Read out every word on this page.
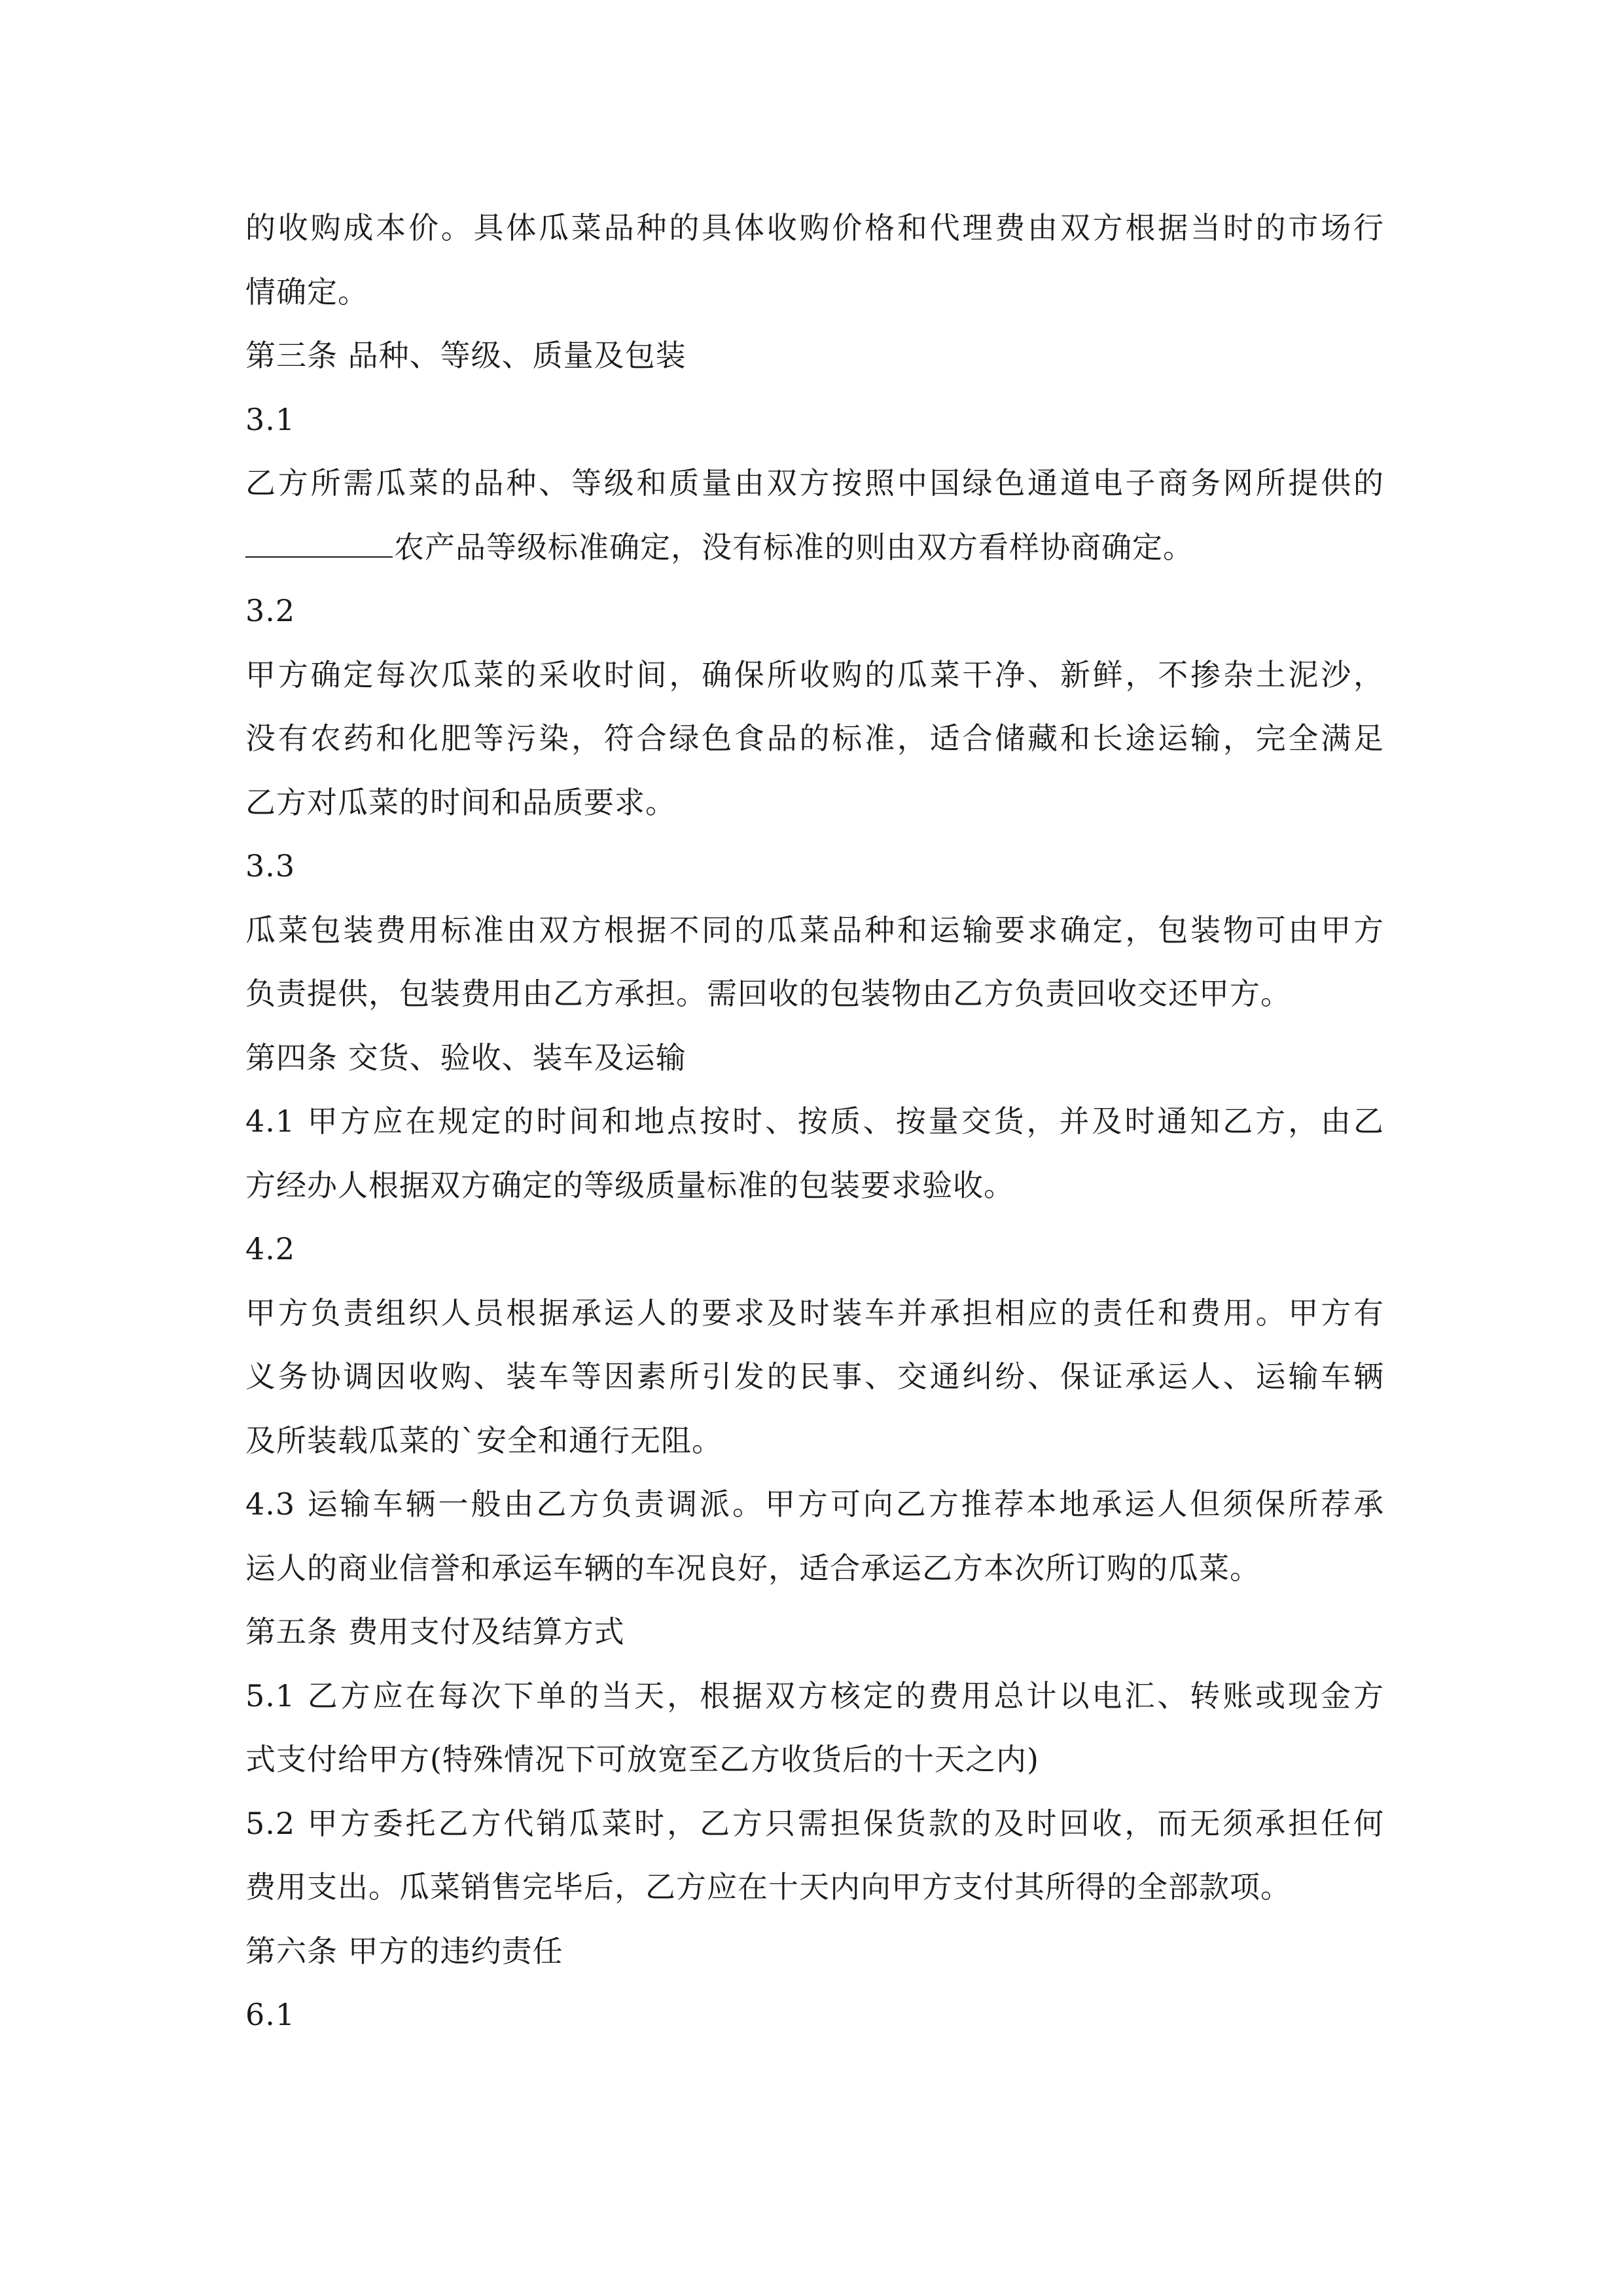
的收购成本价。具体瓜菜品种的具体收购价格和代理费由双方根据当时的市场行
情确定。
第三条 品种、等级、质量及包装
3.1
乙方所需瓜菜的品种、等级和质量由双方按照中国绿色通道电子商务网所提供的
农产品等级标准确定，没有标准的则由双方看样协商确定。
3.2
甲方确定每次瓜菜的采收时间，确保所收购的瓜菜干净、新鲜，不掺杂土泥沙，
没有农药和化肥等污染，符合绿色食品的标准，适合储藏和长途运输，完全满足
乙方对瓜菜的时间和品质要求。
3.3
瓜菜包装费用标准由双方根据不同的瓜菜品种和运输要求确定，包装物可由甲方
负责提供，包装费用由乙方承担。需回收的包装物由乙方负责回收交还甲方。
第四条 交货、验收、装车及运输
4.1 甲方应在规定的时间和地点按时、按质、按量交货，并及时通知乙方，由乙
方经办人根据双方确定的等级质量标准的包装要求验收。
4.2
甲方负责组织人员根据承运人的要求及时装车并承担相应的责任和费用。甲方有
义务协调因收购、装车等因素所引发的民事、交通纠纷、保证承运人、运输车辆
及所装载瓜菜的`安全和通行无阻。
4.3 运输车辆一般由乙方负责调派。甲方可向乙方推荐本地承运人但须保所荐承
运人的商业信誉和承运车辆的车况良好，适合承运乙方本次所订购的瓜菜。
第五条 费用支付及结算方式
5.1 乙方应在每次下单的当天，根据双方核定的费用总计以电汇、转账或现金方
式支付给甲方(特殊情况下可放宽至乙方收货后的十天之内)
5.2 甲方委托乙方代销瓜菜时，乙方只需担保货款的及时回收，而无须承担任何
费用支出。瓜菜销售完毕后，乙方应在十天内向甲方支付其所得的全部款项。
第六条 甲方的违约责任
6.1
